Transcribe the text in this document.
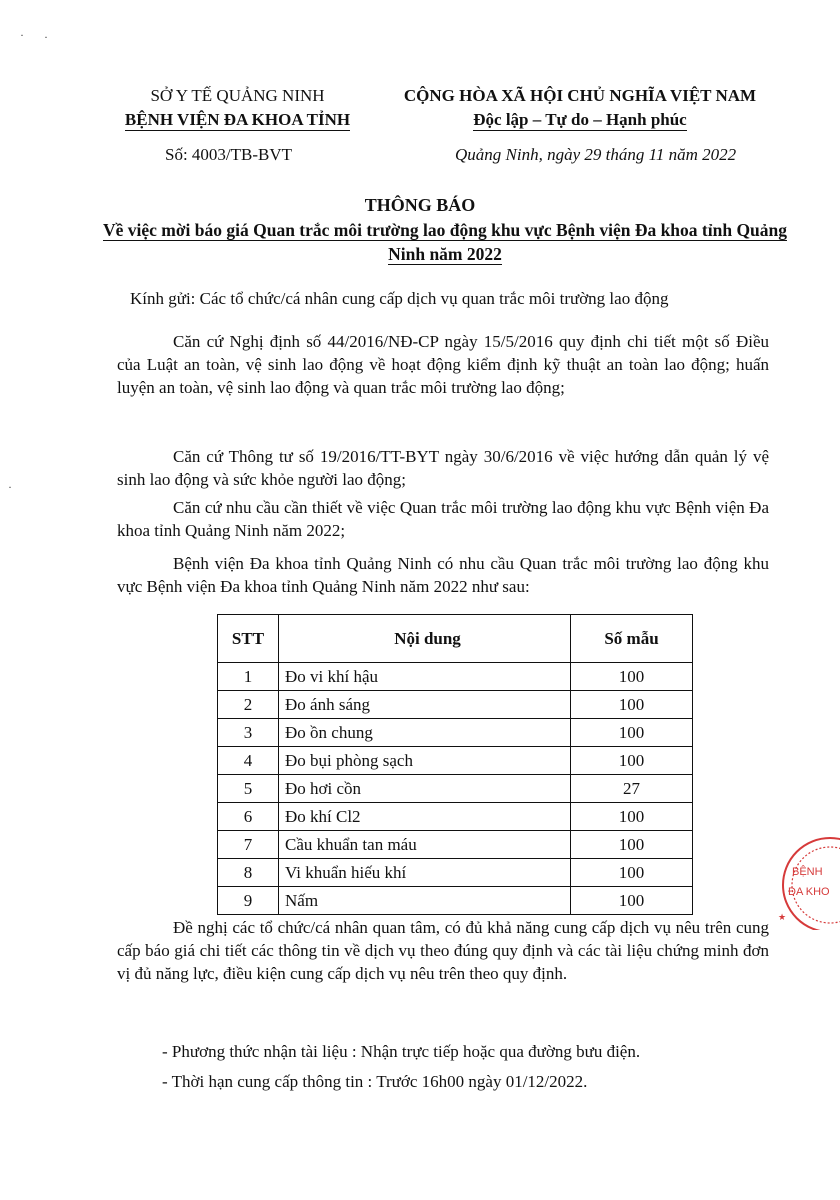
SỞ Y TẾ QUẢNG NINH
BỆNH VIỆN ĐA KHOA TỈNH
CỘNG HÒA XÃ HỘI CHỦ NGHĨA VIỆT NAM
Độc lập – Tự do – Hạnh phúc
Số: 4003/TB-BVT	Quảng Ninh, ngày 29 tháng 11 năm 2022
THÔNG BÁO
Về việc mời báo giá Quan trắc môi trường lao động khu vực Bệnh viện Đa khoa tỉnh Quảng Ninh năm 2022
Kính gửi: Các tổ chức/cá nhân cung cấp dịch vụ quan trắc môi trường lao động
Căn cứ Nghị định số 44/2016/NĐ-CP ngày 15/5/2016 quy định chi tiết một số Điều của Luật an toàn, vệ sinh lao động về hoạt động kiểm định kỹ thuật an toàn lao động; huấn luyện an toàn, vệ sinh lao động và quan trắc môi trường lao động;
Căn cứ Thông tư số 19/2016/TT-BYT ngày 30/6/2016 về việc hướng dẫn quản lý vệ sinh lao động và sức khỏe người lao động;
Căn cứ nhu cầu cần thiết về việc Quan trắc môi trường lao động khu vực Bệnh viện Đa khoa tỉnh Quảng Ninh năm 2022;
Bệnh viện Đa khoa tỉnh Quảng Ninh có nhu cầu Quan trắc môi trường lao động khu vực Bệnh viện Đa khoa tỉnh Quảng Ninh năm 2022 như sau:
STT	Nội dung	Số mẫu
1	Đo vi khí hậu	100
2	Đo ánh sáng	100
3	Đo ồn chung	100
4	Đo bụi phòng sạch	100
5	Đo hơi cồn	27
6	Đo khí Cl2	100
7	Cầu khuẩn tan máu	100
8	Vi khuẩn hiếu khí	100
9	Nấm	100
Đề nghị các tổ chức/cá nhân quan tâm, có đủ khả năng cung cấp dịch vụ nêu trên cung cấp báo giá chi tiết các thông tin về dịch vụ theo đúng quy định và các tài liệu chứng minh đơn vị đủ năng lực, điều kiện cung cấp dịch vụ nêu trên theo quy định.
- Phương thức nhận tài liệu : Nhận trực tiếp hoặc qua đường bưu điện.
- Thời hạn cung cấp thông tin : Trước 16h00 ngày 01/12/2022.
BỆNH
ĐA KHO
★
· ·
·
